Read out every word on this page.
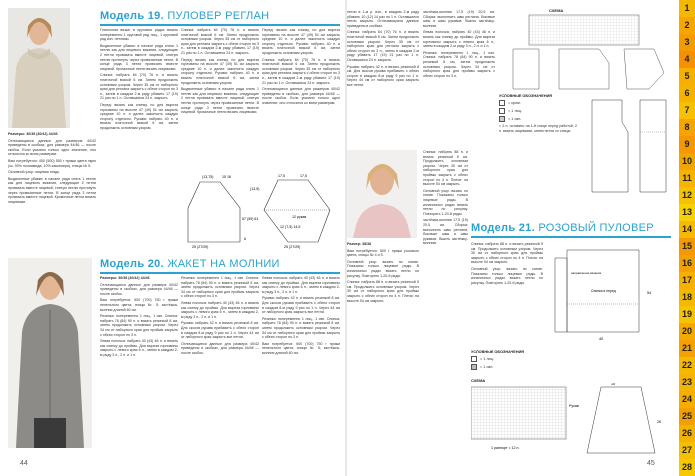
Модель 19. ПУЛОВЕР РЕГЛАН

Размеры: 36/38 (40/42) 44/46

Отличающиеся данные для размеров 40/42 приведены в скобках, для размера 44/46 — после скобок. Если указано только одно значение, оно относится ко всем размерам.

Вам потребуется: 450 (500) 550 г пряжи цвета экрю (ок. 90% полиамида, 10% кашемира), спицы № 5.

Основной узор: лицевая гладь.

Выдвоенные убавки: в начале ряда снять 1 петлю как для лицевого вязания, следующие 2 петли провязать вместе лицевой, снятую петлю протянуть через провязанные петли. В конце ряда 3 петли провязать вместе лицевой. Кромочные петли вязать лицевыми.

Платочная вязка: в круговых рядах вязать попеременно 1 круговой ряд лиц., 1 круговой ряд изн. петлями.

Выдвоенные убавки: в начале ряда снять 1 петлю как для лицевого вязания, следующие 2 петли провязать вместе лицевой, снятую петлю протянуть через провязанные петли. В конце ряда 3 петли провязать вместе лицевой. Кромочные петли вязать лицевыми.

Спинка: набрать 64 (70) 76 п. и вязать платочной вязкой 6 см. Затем продолжить основным узором. Через 35 см от наборного края для реглана закрыть с обеих сторон по 3 п., затем в каждом 2-м ряду убавить 17 (19) 21 раз по 1 п. Оставшиеся 24 п. закрыть.

Перед: вязать как спинку, но для выреза горловины на высоте 47 (49) 51 см закрыть средние 10 п. и далее закончить каждую сторону отдельно. Рукава: набрать 40 п. и вязать платочной вязкой 6 см, затем продолжить основным узором.

Спинка: набрать 64 (70) 76 п. и вязать платочной вязкой 6 см. Затем продолжить основным узором. Через 35 см от наборного края для реглана закрыть с обеих сторон по 3 п., затем в каждом 2-м ряду убавить 17 (19) 21 раз по 1 п. Оставшиеся 24 п. закрыть.

Перед: вязать как спинку, но для выреза горловины на высоте 47 (49) 51 см закрыть средние 10 п. и далее закончить каждую сторону отдельно. Рукава: набрать 40 п. и вязать платочной вязкой 6 см, затем продолжить основным узором.

Выдвоенные убавки: в начале ряда снять 1 петлю как для лицевого вязания, следующие 2 петли провязать вместе лицевой, снятую петлю протянуть через провязанные петли. В конце ряда 3 петли провязать вместе лицевой. Кромочные петли вязать лицевыми.

Перед: вязать как спинку, но для выреза горловины на высоте 47 (49) 51 см закрыть средние 10 п. и далее закончить каждую сторону отдельно. Рукава: набрать 40 п. и вязать платочной вязкой 6 см, затем продолжить основным узором.

Спинка: набрать 64 (70) 76 п. и вязать платочной вязкой 6 см. Затем продолжить основным узором. Через 35 см от наборного края для реглана закрыть с обеих сторон по 3 п., затем в каждом 2-м ряду убавить 17 (19) 21 раз по 1 п. Оставшиеся 24 п. закрыть.

Отличающиеся данные для размеров 40/42 приведены в скобках, для размера 44/46 — после скобок. Если указано только одно значение, оно относится ко всем размерам.

(13,75) 15 16	17,5	17,5
(13,5)
12 (7,5) 14,5
25 (27/29)	25 (27/29)
6
57 (59) 61	12 рукав
Модель 20. ЖАКЕТ НА МОЛНИИ

Размеры: 36/38 (40/42) 44/46

Отличающиеся данные для размера 40/42 приведены в скобках, для размера 44/46 — после скобок.

Вам потребуется: 600 (700) 750 г пряжи пепельного цвета; спицы № 5; застёжка-молния длиной 60 см.

Резинка: попеременно 1 лиц., 1 изн. Спинка: набрать 78 (84) 90 п. и вязать резинкой 8 см, затем продолжить основным узором. Через 34 см от наборного края для проймы закрыть с обеих сторон по 3 п.

Левая полочка: набрать 40 (43) 46 п. и вязать как спинку до проймы. Для выреза горловины закрыть с левого края 6 п., затем в каждом 2-м ряду 3 п., 2 п. и 1 п.

Резинка: попеременно 1 лиц., 1 изн. Спинка: набрать 78 (84) 90 п. и вязать резинкой 8 см, затем продолжить основным узором. Через 34 см от наборного края для проймы закрыть с обеих сторон по 3 п.

Левая полочка: набрать 40 (43) 46 п. и вязать как спинку до проймы. Для выреза горловины закрыть с левого края 6 п., затем в каждом 2-м ряду 3 п., 2 п. и 1 п.

Рукава: набрать 42 п. и вязать резинкой 8 см. Для скосов рукава прибавить с обеих сторон в каждом 8-м ряду 9 раз по 1 п. Через 44 см от наборного края закрыть все петли.

Отличающиеся данные для размера 40/42 приведены в скобках, для размера 44/46 — после скобок.

Левая полочка: набрать 40 (43) 46 п. и вязать как спинку до проймы. Для выреза горловины закрыть с левого края 6 п., затем в каждом 2-м ряду 3 п., 2 п. и 1 п.

Рукава: набрать 42 п. и вязать резинкой 8 см. Для скосов рукава прибавить с обеих сторон в каждом 8-м ряду 9 раз по 1 п. Через 44 см от наборного края закрыть все петли.

Резинка: попеременно 1 лиц., 1 изн. Спинка: набрать 78 (84) 90 п. и вязать резинкой 8 см, затем продолжить основным узором. Через 34 см от наборного края для проймы закрыть с обеих сторон по 3 п.

Вам потребуется: 600 (700) 750 г пряжи пепельного цвета; спицы № 5; застёжка-молния длиной 60 см.

44

петли в 1-м р. изн., в каждом 2-м ряду убавить 10 (12) 14 раз по 1 п. Оставшиеся петли закрыть. Отличающиеся данные приведены в скобках.

Спинка: набрать 64 (70) 76 п. и вязать платочной вязкой 6 см. Затем продолжить основным узором. Через 35 см от наборного края для реглана закрыть с обеих сторон по 3 п., затем в каждом 2-м ряду убавить 17 (19) 21 раз по 1 п. Оставшиеся 24 п. закрыть.

Рукава: набрать 42 п. и вязать резинкой 8 см. Для скосов рукава прибавить с обеих сторон в каждом 8-м ряду 9 раз по 1 п. Через 44 см от наборного края закрыть все петли.

застёжки-молнии 17,5 (19) 20,5 см. Сборка: выполнить швы реглана, боковые швы и швы рукавов. Вшить застёжку-молнию.

Левая полочка: набрать 40 (43) 46 п. и вязать как спинку до проймы. Для выреза горловины закрыть с левого края 6 п., затем в каждом 2-м ряду 3 п., 2 п. и 1 п.

Резинка: попеременно 1 лиц., 1 изн. Спинка: набрать 78 (84) 90 п. и вязать резинкой 8 см, затем продолжить основным узором. Через 34 см от наборного края для проймы закрыть с обеих сторон по 3 п.

СХЕМА
УСЛОВНЫЕ ОБОЗНАЧЕНИЯ
= кром.
= 1 лиц.
= 1 изн.
= 2 п. оставить на 1-й спице перед работой, 2 п. вязать лицевыми, затем петли со спицы
Модель 21. РОЗОВЫЙ ПУЛОВЕР

Размер: 38/38

Вам потребуется: 500 г пряжи розового цвета, спицы № 4 и 5.

Основной узор: вязать по схеме. Показаны только лицевые ряды. В изнаночных рядах вязать петли по рисунку. Повторять 1-20-й ряды.

Спинка: набрать 88 п. и вязать резинкой 5 см. Продолжить основным узором. Через 30 см от наборного края для проймы закрыть с обеих сторон по 4 п. Плечи: на высоте 54 см закрыть.

Спинка: набрать 88 п. и вязать резинкой 5 см. Продолжить основным узором. Через 30 см от наборного края для проймы закрыть с обеих сторон по 4 п. Плечи: на высоте 54 см закрыть.

Основной узор: вязать по схеме. Показаны только лицевые ряды. В изнаночных рядах вязать петли по рисунку. Повторять 1-20-й ряды.

застёжки-молнии 17,5 (19) 20,5 см. Сборка: выполнить швы реглана, боковые швы и швы рукавов. Вшить застёжку-молнию.	Спинка: набрать 88 п. и вязать резинкой 5 см. Продолжить основным узором. Через 30 см от наборного края для проймы закрыть с обеих сторон по 4 п. Плечи: на высоте 54 см закрыть.

Основной узор: вязать по схеме. Показаны только лицевые ряды. В изнаночных рядах вязать петли по рисунку. Повторять 1-20-й ряды.

40
54
направление вязания
Спинка и перед
УСЛОВНЫЕ ОБОЗНАЧЕНИЯ
= 1 лиц.
= 1 изн.
СХЕМА
1 раппорт = 12 п.
Рукав
15
26
45
1
2
3
4
5
6
7
8
9
10
11
12
13
14
15
16
17
18
19
20
21
22
23
24
25
26
27
28
